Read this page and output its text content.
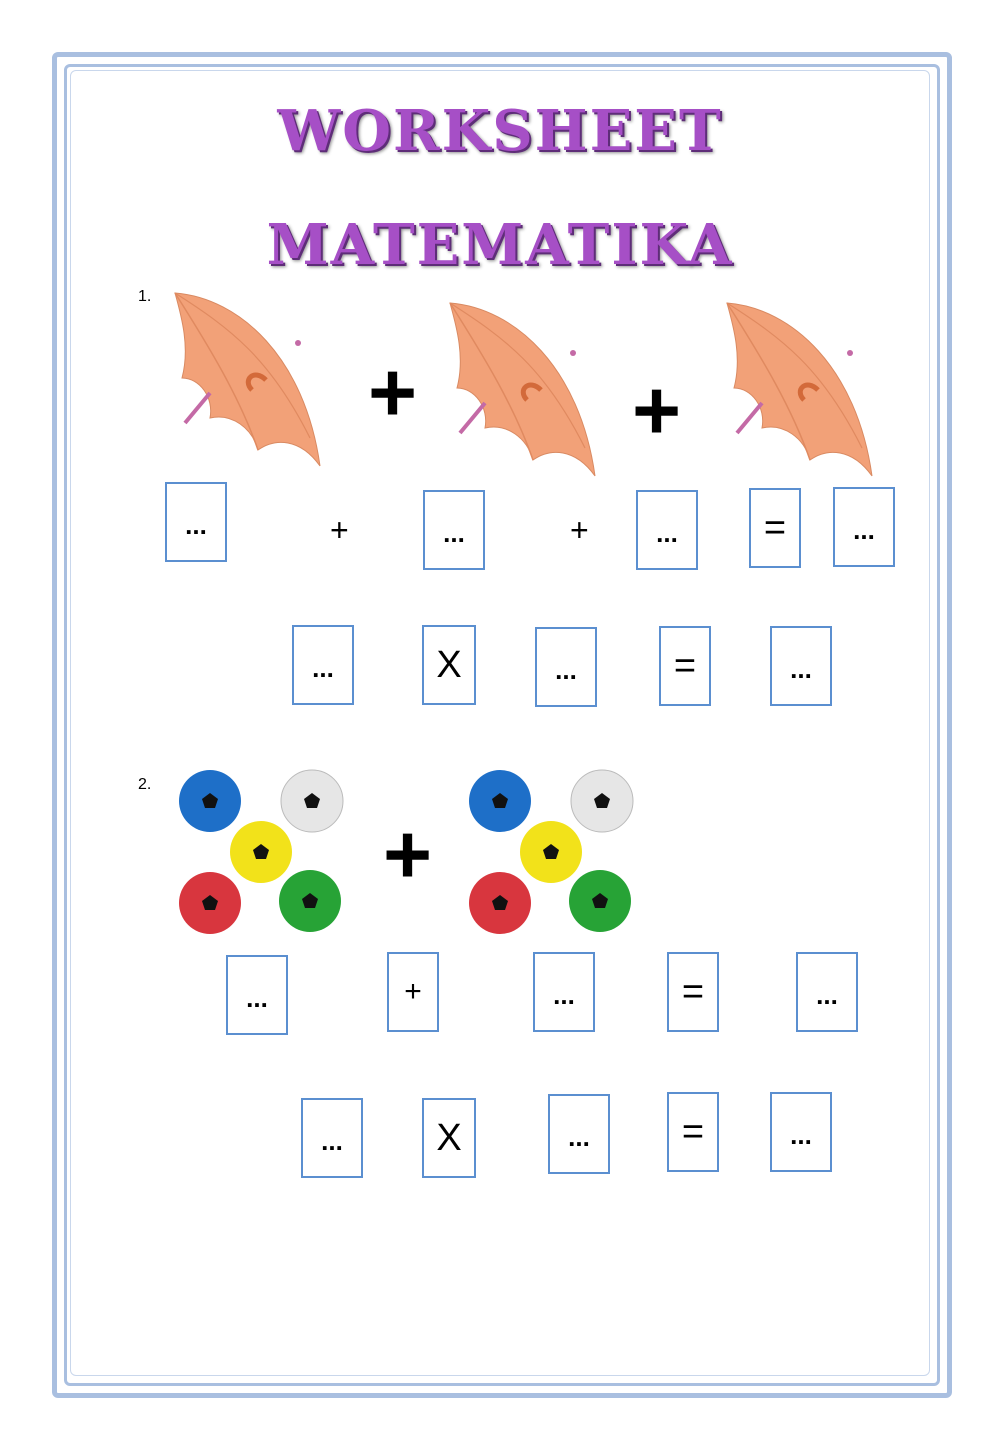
WORKSHEET
MATEMATIKA
1.
+	+
...	+	...	+	...	=	...
...	X	...	=	...
2.
+
...	+	...	=	...
...	X	...	=	...
